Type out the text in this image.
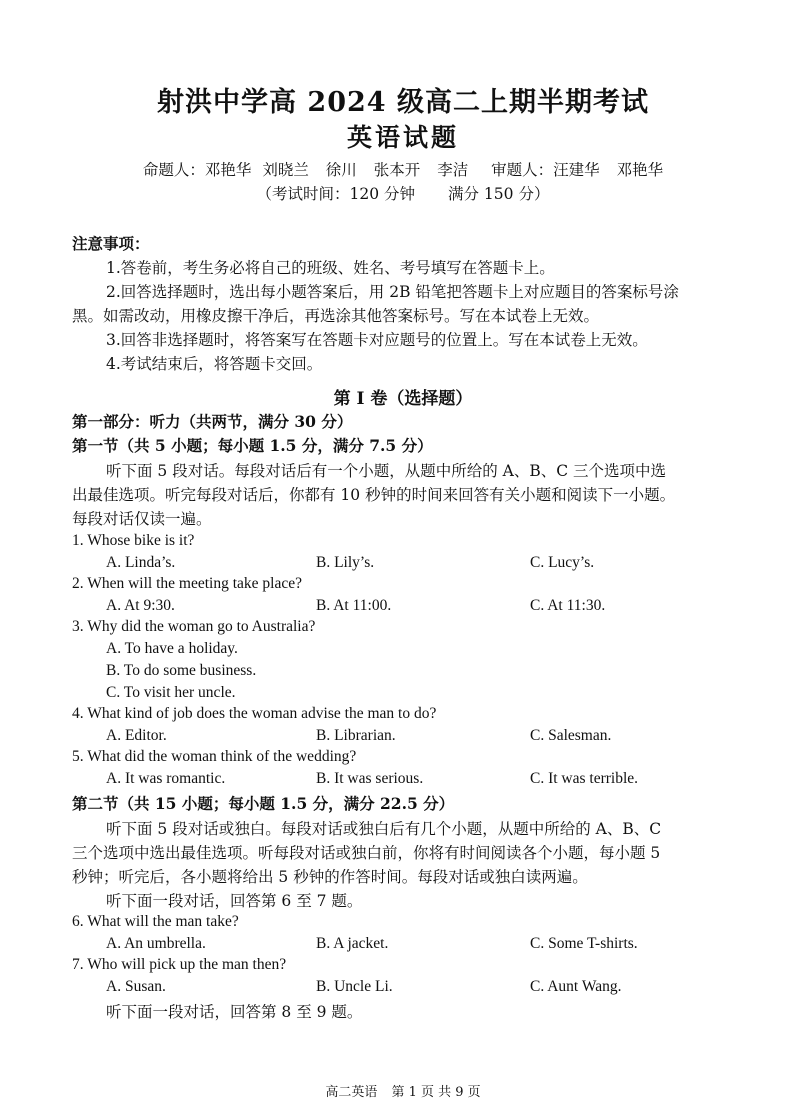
射洪中学高 2024 级高二上期半期考试
英语试题
命题人：邓艳华 刘晓兰 徐川 张本开 李洁 审题人：汪建华 邓艳华
（考试时间：120 分钟 满分 150 分）
注意事项：
1.答卷前，考生务必将自己的班级、姓名、考号填写在答题卡上。
2.回答选择题时，选出每小题答案后，用 2B 铅笔把答题卡上对应题目的答案标号涂
黑。如需改动，用橡皮擦干净后，再选涂其他答案标号。写在本试卷上无效。
3.回答非选择题时，将答案写在答题卡对应题号的位置上。写在本试卷上无效。
4.考试结束后，将答题卡交回。
第 I 卷（选择题）
第一部分：听力（共两节，满分 30 分）
第一节（共 5 小题；每小题 1.5 分，满分 7.5 分）
听下面 5 段对话。每段对话后有一个小题，从题中所给的 A、B、C 三个选项中选
出最佳选项。听完每段对话后，你都有 10 秒钟的时间来回答有关小题和阅读下一小题。
每段对话仅读一遍。
1. Whose bike is it?
A. Linda’s.	B. Lily’s.	C. Lucy’s.
2. When will the meeting take place?
A. At 9:30.	B. At 11:00.	C. At 11:30.
3. Why did the woman go to Australia?
A. To have a holiday.
B. To do some business.
C. To visit her uncle.
4. What kind of job does the woman advise the man to do?
A. Editor.	B. Librarian.	C. Salesman.
5. What did the woman think of the wedding?
A. It was romantic.	B. It was serious.	C. It was terrible.
第二节（共 15 小题；每小题 1.5 分，满分 22.5 分）
听下面 5 段对话或独白。每段对话或独白后有几个小题，从题中所给的 A、B、C
三个选项中选出最佳选项。听每段对话或独白前，你将有时间阅读各个小题，每小题 5
秒钟；听完后，各小题将给出 5 秒钟的作答时间。每段对话或独白读两遍。
听下面一段对话，回答第 6 至 7 题。
6. What will the man take?
A. An umbrella.	B. A jacket.	C. Some T-shirts.
7. Who will pick up the man then?
A. Susan.	B. Uncle Li.	C. Aunt Wang.
听下面一段对话，回答第 8 至 9 题。
高二英语 第 1 页 共 9 页
